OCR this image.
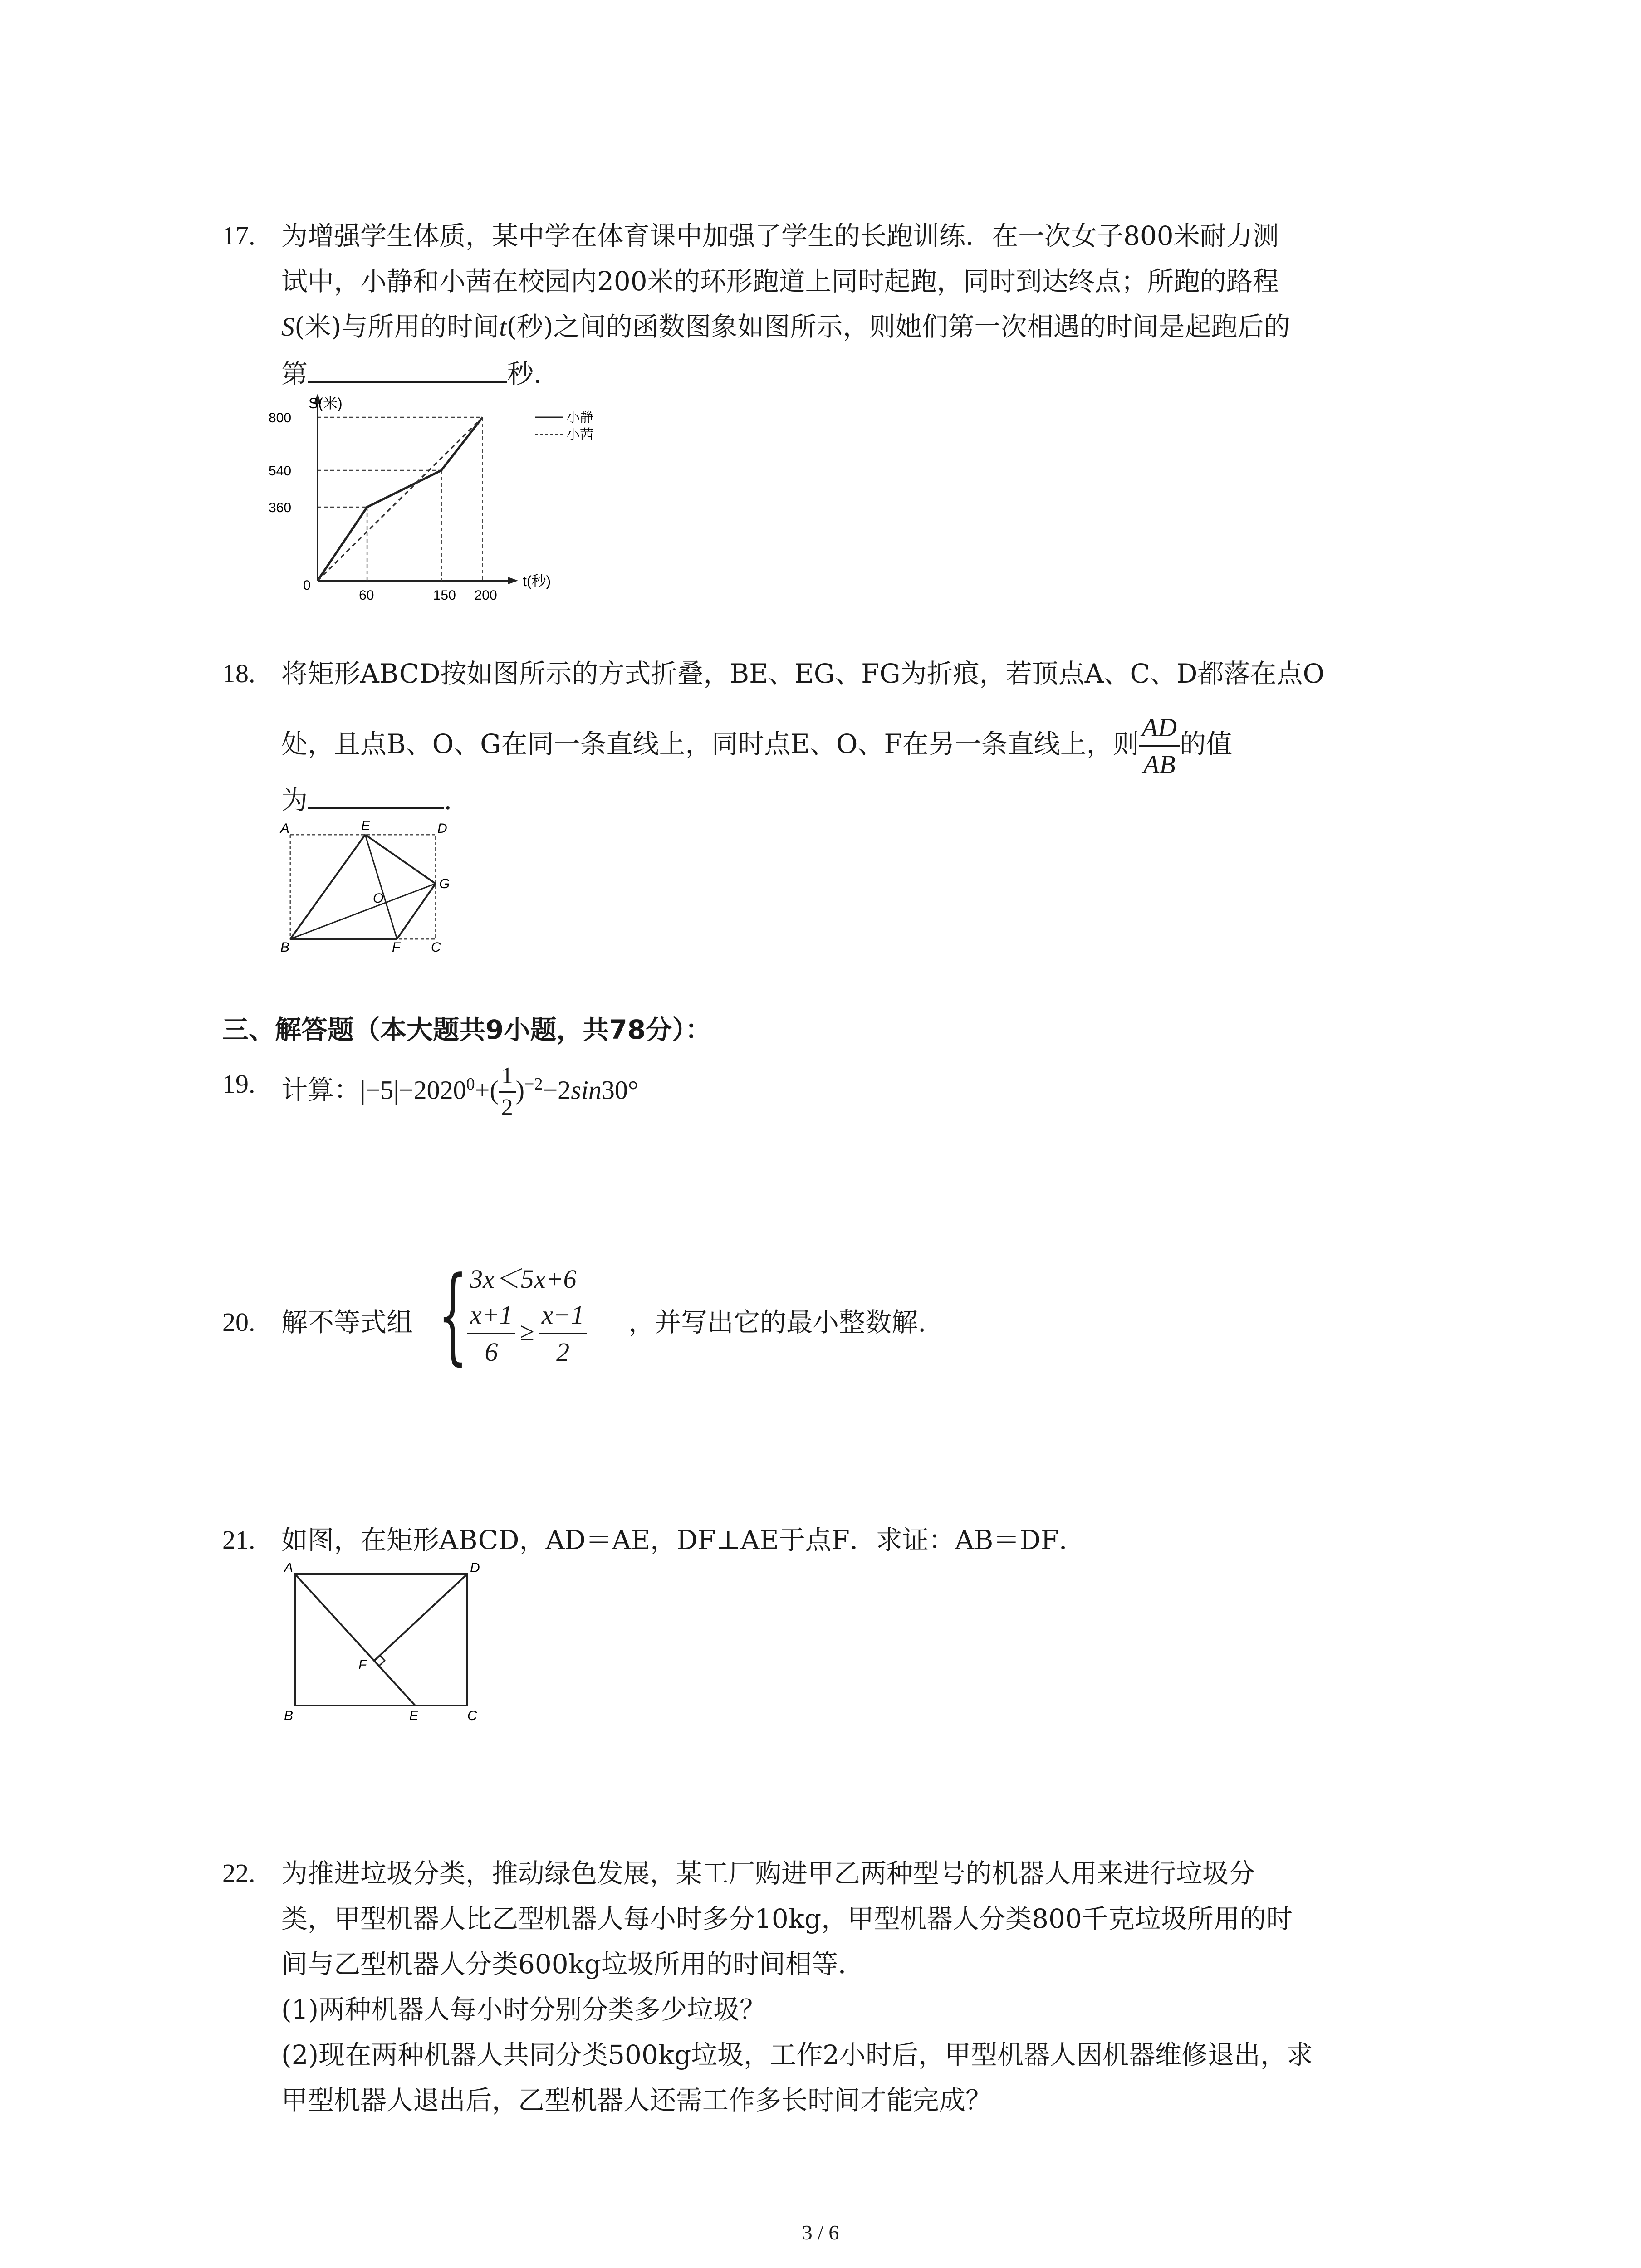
17. 为增强学生体质，某中学在体育课中加强了学生的长跑训练．在一次女子800米耐力测
试中，小静和小茜在校园内200米的环形跑道上同时起跑，同时到达终点；所跑的路程
S(米)与所用的时间t(秒)之间的函数图象如图所示，则她们第一次相遇的时间是起跑后的
第	秒．
S(米)
t(秒)
0
800
540
360
60	150 200
小静
小茜
18. 将矩形ABCD按如图所示的方式折叠，BE、EG、FG为折痕，若顶点A、C、D都落在点O
处，且点B、O、G在同一条直线上，同时点E、O、F在另一条直线上，则 $\frac{AD}{AB}$ 的值
为	．
A	E	D
O
G
B	F C
三、解答题（本大题共9小题，共78分）：
19. 计算：$|-5|-2020^0+( \frac{1}{2} )^{-2}-2\sin 30^\circ$
20. 解不等式组 { 3x＜5x+6
$\frac{x+1}{6} \ge \frac{x-1}{2}$ ，并写出它的最小整数解.
21. 如图，在矩形ABCD，AD＝AE，DF⊥AE于点F．求证：AB＝DF．
A	D
F
B	E	C
22. 为推进垃圾分类，推动绿色发展，某工厂购进甲乙两种型号的机器人用来进行垃圾分
类，甲型机器人比乙型机器人每小时多分10kg，甲型机器人分类800千克垃圾所用的时
间与乙型机器人分类600kg垃圾所用的时间相等．
(1)两种机器人每小时分别分类多少垃圾？
(2)现在两种机器人共同分类500kg垃圾，工作2小时后，甲型机器人因机器维修退出，求
甲型机器人退出后，乙型机器人还需工作多长时间才能完成？
3 / 6
